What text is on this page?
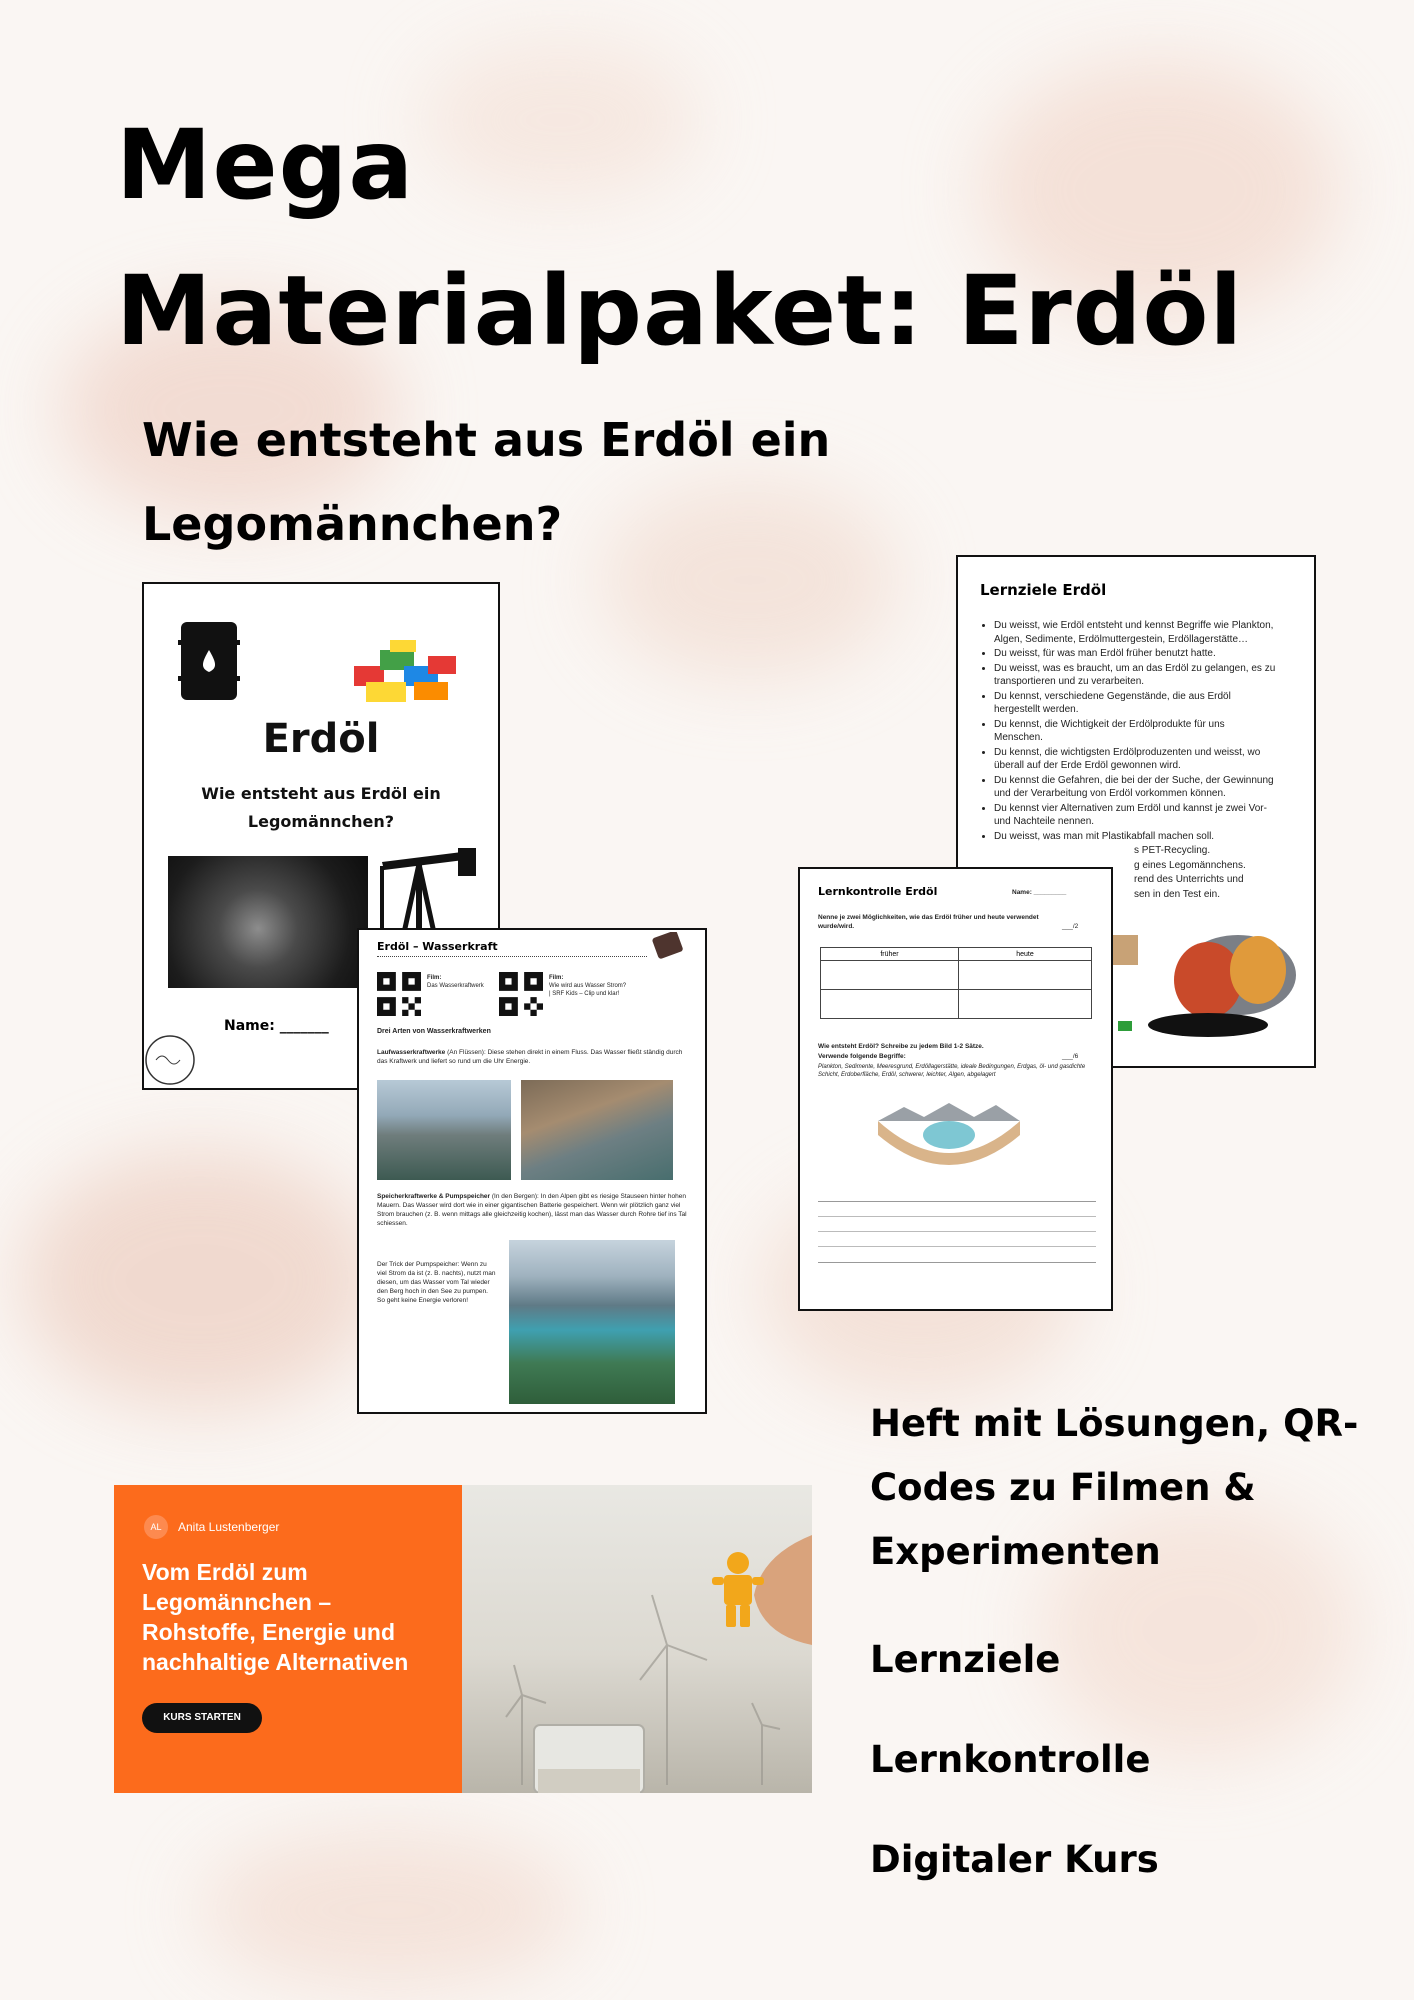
Mega
Materialpaket: Erdöl
Wie entsteht aus Erdöl ein
Legomännchen?
Erdöl
Wie entsteht aus Erdöl ein
Legomännchen?
Name: _______
Lernziele Erdöl
• Du weisst, wie Erdöl entsteht und kennst Begriffe wie Plankton, Algen, Sedimente, Erdölmuttergestein, Erdöllagerstätte…
• Du weisst, für was man Erdöl früher benutzt hatte.
• Du weisst, was es braucht, um an das Erdöl zu gelangen, es zu transportieren und zu verarbeiten.
• Du kennst, verschiedene Gegenstände, die aus Erdöl hergestellt werden.
• Du kennst, die Wichtigkeit der Erdölprodukte für uns Menschen.
• Du kennst, die wichtigsten Erdölproduzenten und weisst, wo überall auf der Erde Erdöl gewonnen wird.
• Du kennst die Gefahren, die bei der der Suche, der Gewinnung und der Verarbeitung von Erdöl vorkommen können.
• Du kennst vier Alternativen zum Erdöl und kannst je zwei Vor- und Nachteile nennen.
• Du weisst, was man mit Plastikabfall machen soll.
s PET-Recycling.
g eines Legomännchens.
rend des Unterrichts und
sen in den Test ein.
Erdöl – Wasserkraft
Film:
Das Wasserkraftwerk
Film:
Wie wird aus Wasser Strom? | SRF Kids – Clip und klar!
Drei Arten von Wasserkraftwerken
Laufwasserkraftwerke (An Flüssen): Diese stehen direkt in einem Fluss. Das Wasser fließt ständig durch das Kraftwerk und liefert so rund um die Uhr Energie.
Speicherkraftwerke & Pumpspeicher (In den Bergen): In den Alpen gibt es riesige Stauseen hinter hohen Mauern. Das Wasser wird dort wie in einer gigantischen Batterie gespeichert. Wenn wir plötzlich ganz viel Strom brauchen (z. B. wenn mittags alle gleichzeitig kochen), lässt man das Wasser durch Rohre tief ins Tal schiessen.
Der Trick der Pumpspeicher: Wenn zu viel Strom da ist (z. B. nachts), nutzt man diesen, um das Wasser vom Tal wieder den Berg hoch in den See zu pumpen. So geht keine Energie verloren!
Lernkontrolle Erdöl	Name: _________
Nenne je zwei Möglichkeiten, wie das Erdöl früher und heute verwendet wurde/wird.	___/2
früher	heute

Wie entsteht Erdöl? Schreibe zu jedem Bild 1-2 Sätze.
Verwende folgende Begriffe:	___/6
Plankton, Sedimente, Meeresgrund, Erdöllagerstätte, ideale Bedingungen, Erdgas, öl- und gasdichte Schicht, Erdoberfläche, Erdöl, schwerer, leichter, Algen, abgelagert
AL	Anita Lustenberger
Vom Erdöl zum
Legomännchen –
Rohstoffe, Energie und
nachhaltige Alternativen
KURS STARTEN
Heft mit Lösungen, QR-
Codes zu Filmen &
Experimenten
Lernziele
Lernkontrolle
Digitaler Kurs
